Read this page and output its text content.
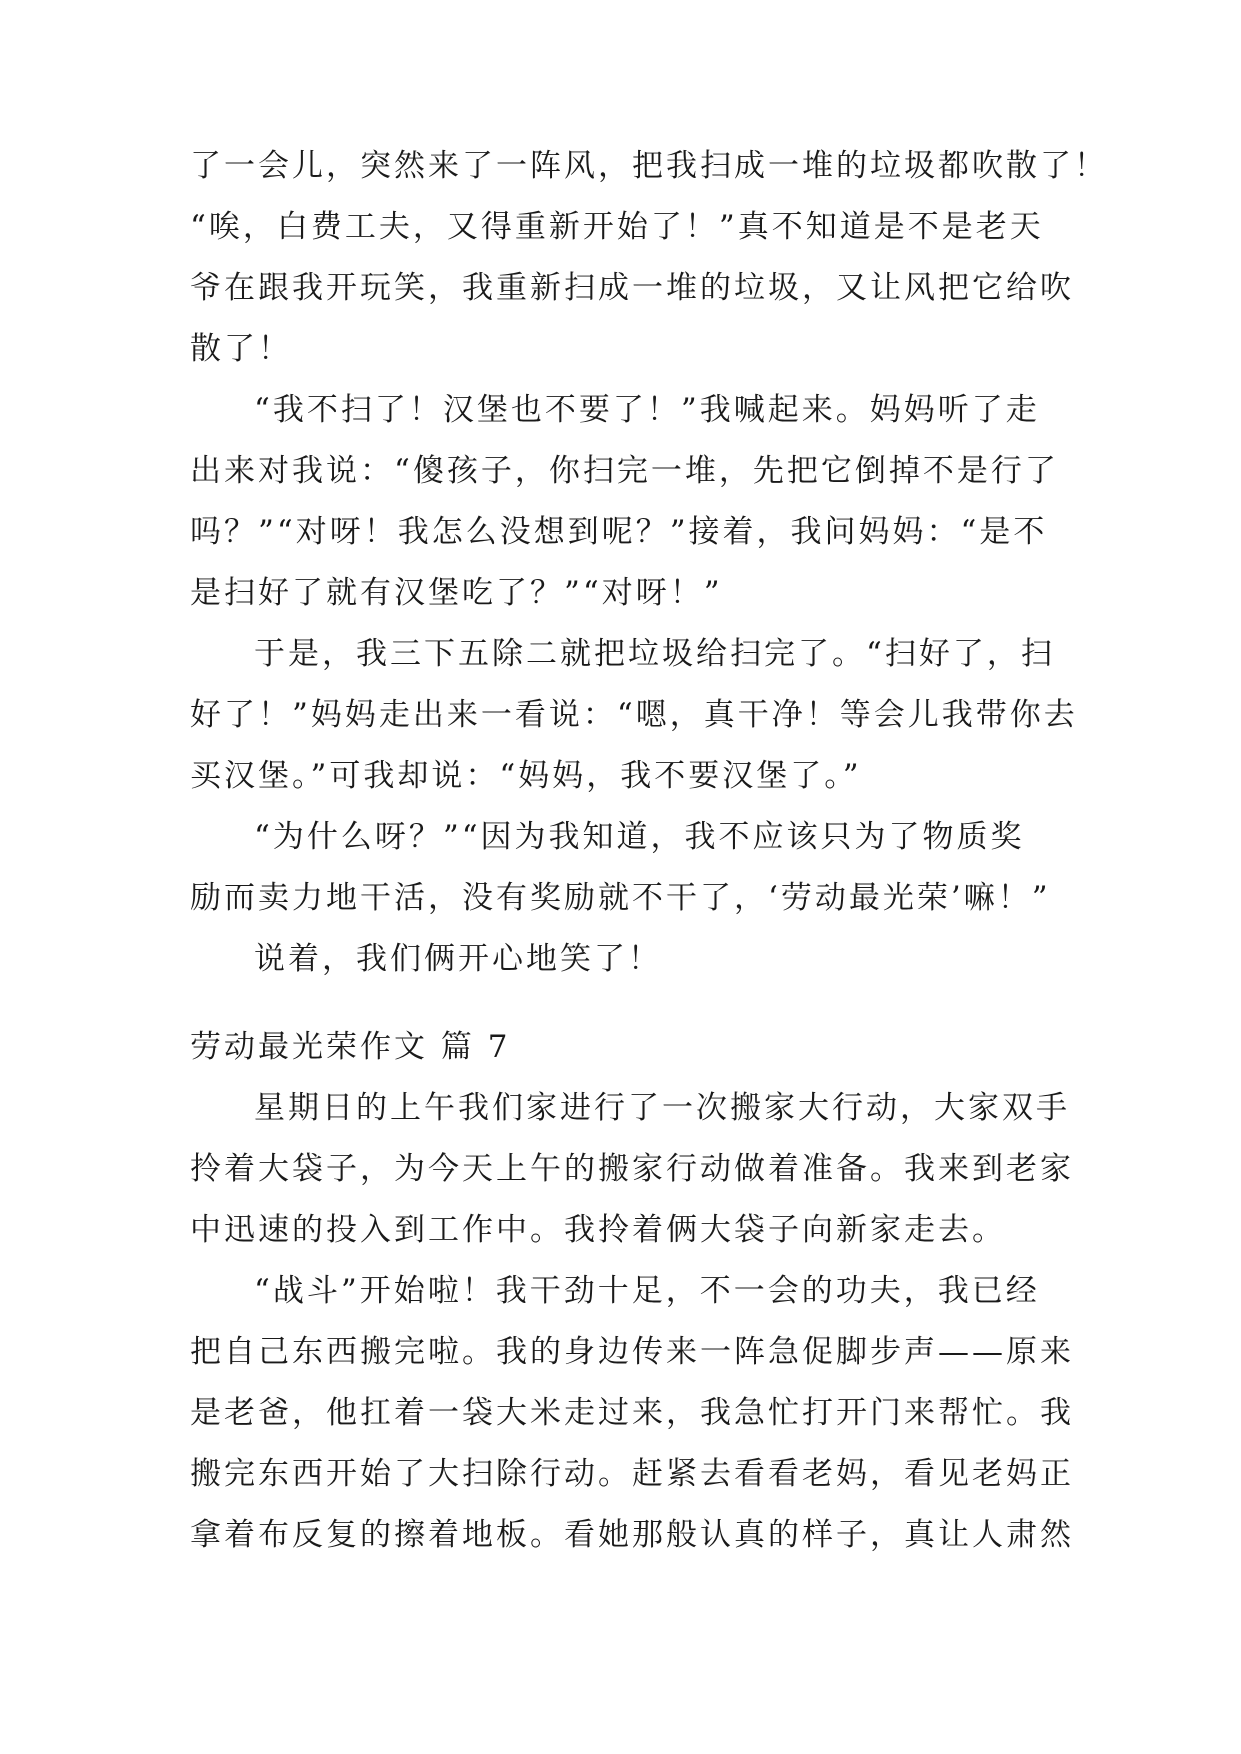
了一会儿，突然来了一阵风，把我扫成一堆的垃圾都吹散了！
“唉，白费工夫，又得重新开始了！”真不知道是不是老天
爷在跟我开玩笑，我重新扫成一堆的垃圾，又让风把它给吹
散了！
“我不扫了！汉堡也不要了！”我喊起来。妈妈听了走
出来对我说：“傻孩子，你扫完一堆，先把它倒掉不是行了
吗？”“对呀！我怎么没想到呢？”接着，我问妈妈：“是不
是扫好了就有汉堡吃了？”“对呀！”
于是，我三下五除二就把垃圾给扫完了。“扫好了，扫
好了！”妈妈走出来一看说：“嗯，真干净！等会儿我带你去
买汉堡。”可我却说：“妈妈，我不要汉堡了。”
“为什么呀？”“因为我知道，我不应该只为了物质奖
励而卖力地干活，没有奖励就不干了，‘劳动最光荣’嘛！”
说着，我们俩开心地笑了！
劳动最光荣作文 篇 7
星期日的上午我们家进行了一次搬家大行动，大家双手
拎着大袋子，为今天上午的搬家行动做着准备。我来到老家
中迅速的投入到工作中。我拎着俩大袋子向新家走去。
“战斗”开始啦！我干劲十足，不一会的功夫，我已经
把自己东西搬完啦。我的身边传来一阵急促脚步声——原来
是老爸，他扛着一袋大米走过来，我急忙打开门来帮忙。我
搬完东西开始了大扫除行动。赶紧去看看老妈，看见老妈正
拿着布反复的擦着地板。看她那般认真的样子，真让人肃然
